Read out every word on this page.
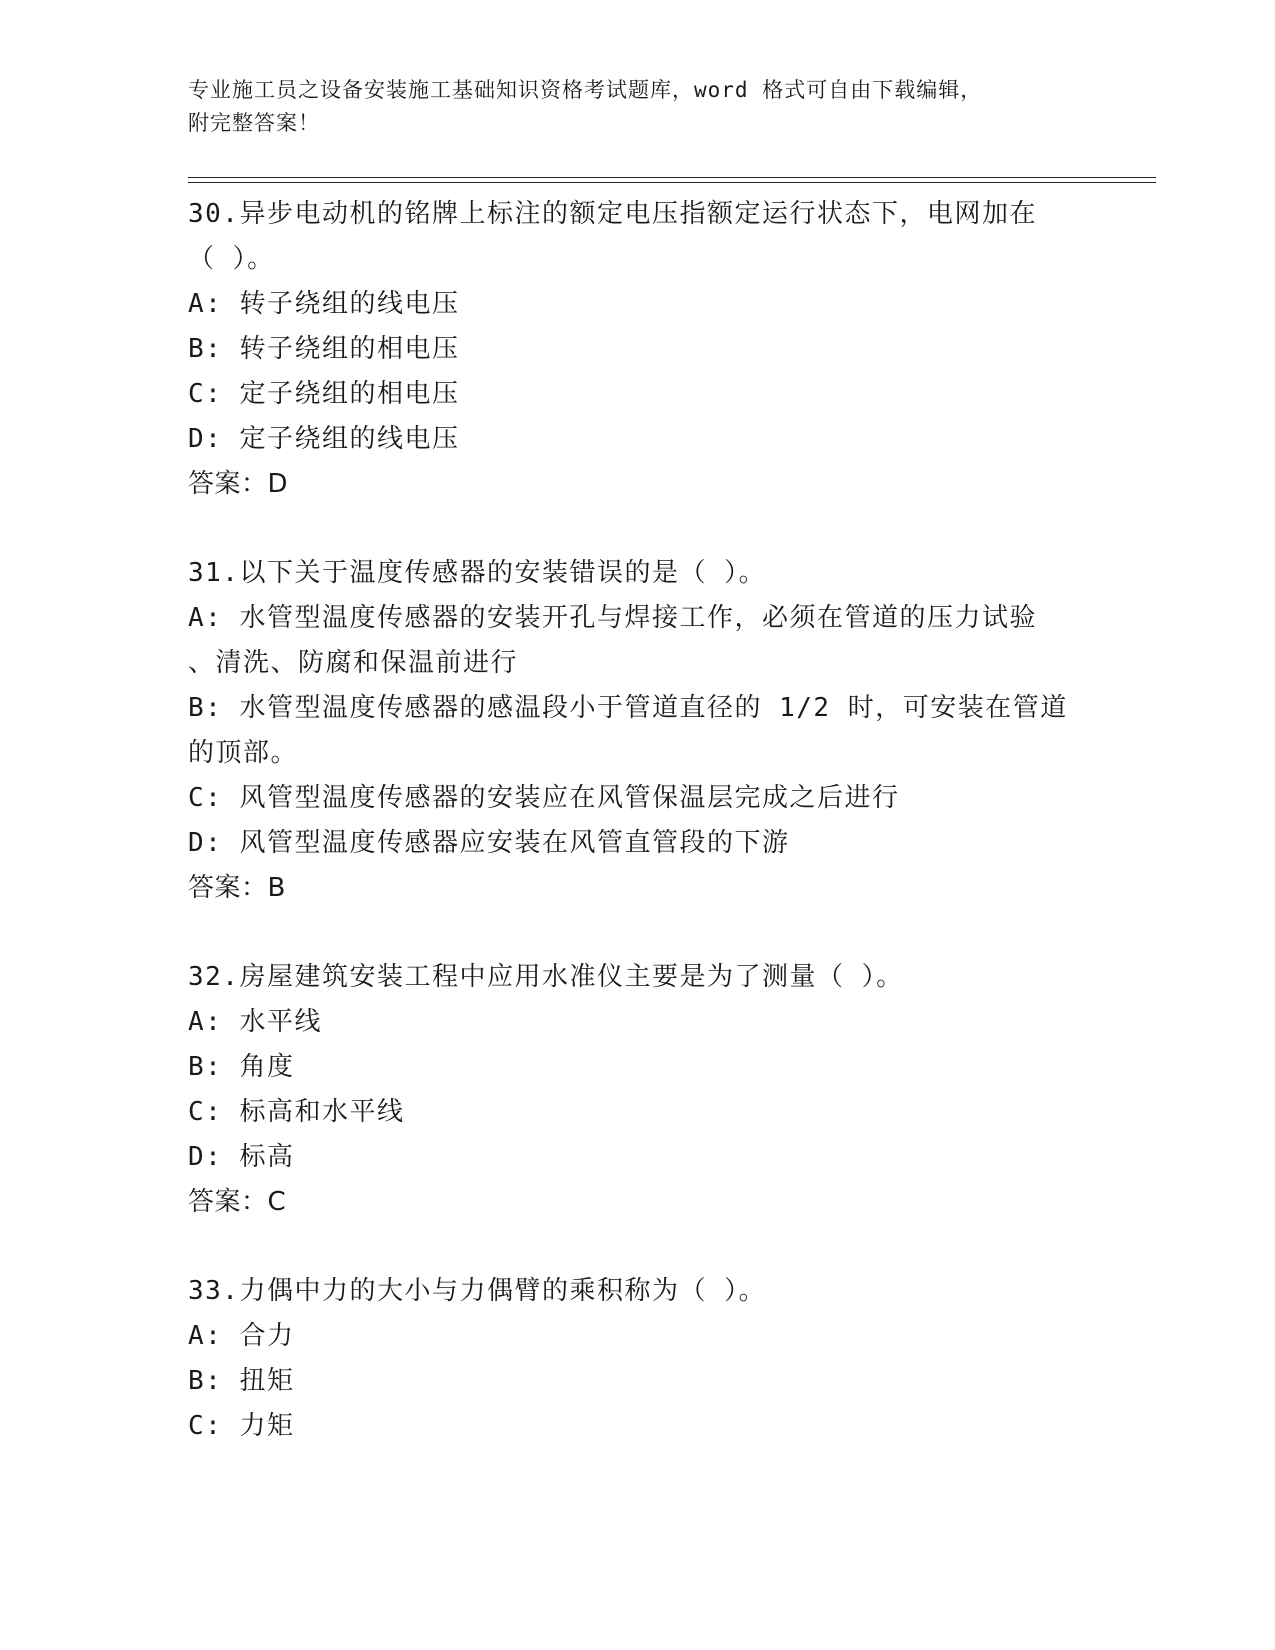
专业施工员之设备安装施工基础知识资格考试题库，word 格式可自由下载编辑，
附完整答案！

30.异步电动机的铭牌上标注的额定电压指额定运行状态下，电网加在

（ ）。

A: 转子绕组的线电压

B: 转子绕组的相电压

C: 定子绕组的相电压

D: 定子绕组的线电压

答案：D

31.以下关于温度传感器的安装错误的是（ ）。

A: 水管型温度传感器的安装开孔与焊接工作，必须在管道的压力试验

、清洗、防腐和保温前进行

B: 水管型温度传感器的感温段小于管道直径的 1/2 时，可安装在管道

的顶部。

C: 风管型温度传感器的安装应在风管保温层完成之后进行

D: 风管型温度传感器应安装在风管直管段的下游

答案：B

32.房屋建筑安装工程中应用水准仪主要是为了测量（ ）。

A: 水平线

B: 角度

C: 标高和水平线

D: 标高

答案：C

33.力偶中力的大小与力偶臂的乘积称为（ ）。

A: 合力

B: 扭矩

C: 力矩
